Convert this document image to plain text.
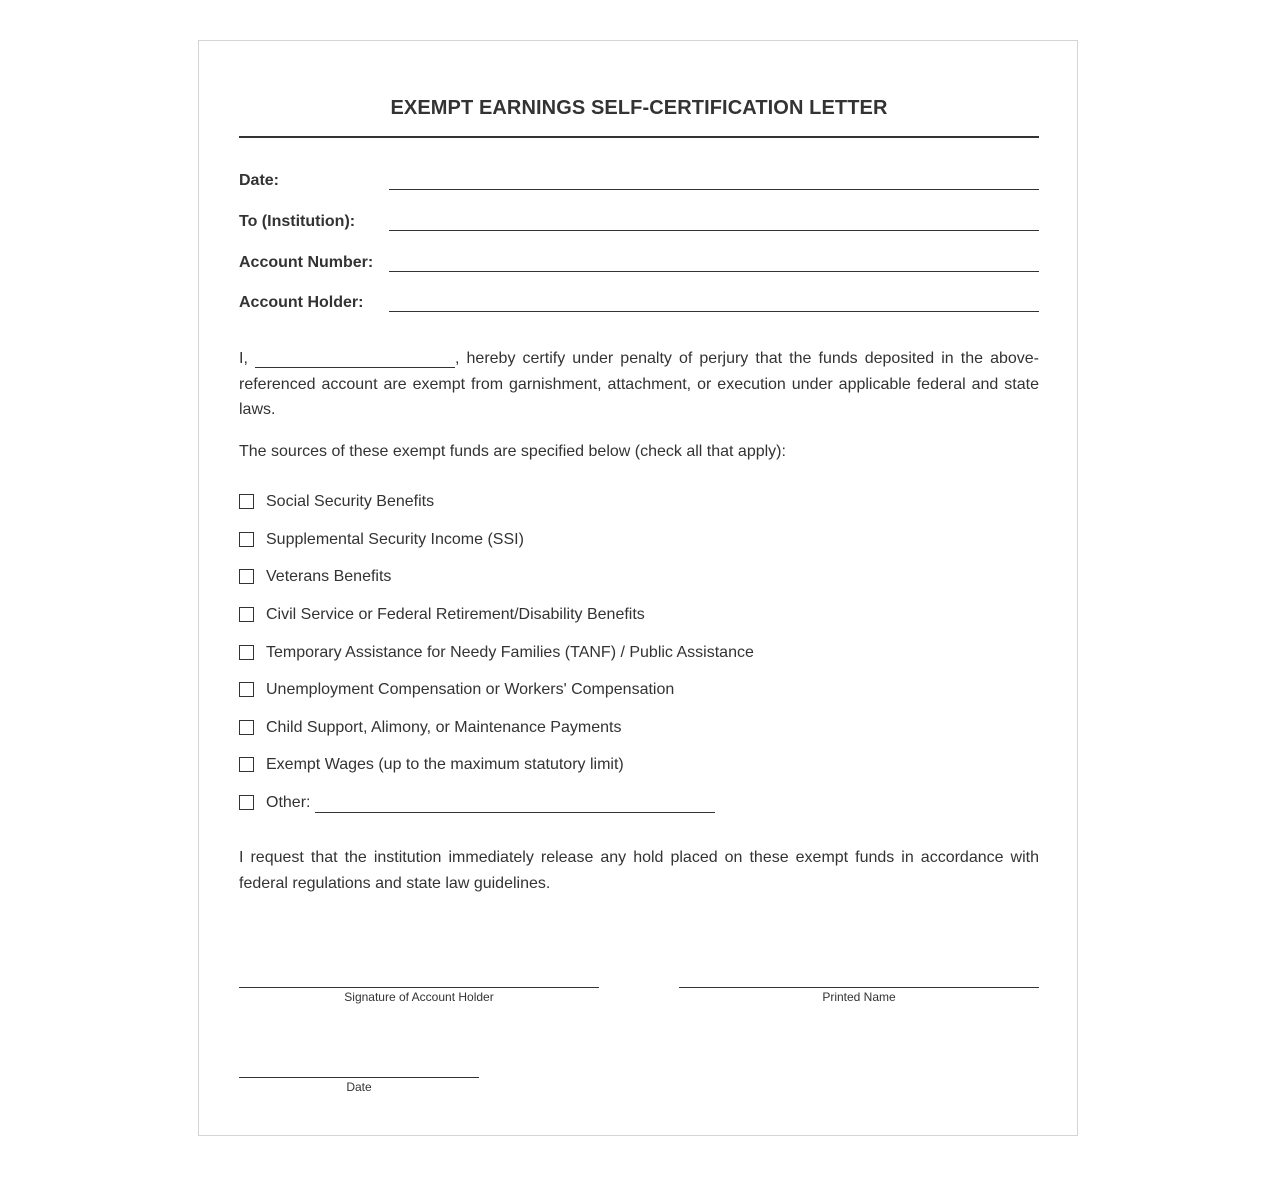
EXEMPT EARNINGS SELF-CERTIFICATION LETTER
Date:
To (Institution):
Account Number:
Account Holder:
I,	, hereby certify under penalty of perjury that the funds deposited in the above-referenced account are exempt from garnishment, attachment, or execution under applicable federal and state laws.
The sources of these exempt funds are specified below (check all that apply):
Social Security Benefits
Supplemental Security Income (SSI)
Veterans Benefits
Civil Service or Federal Retirement/Disability Benefits
Temporary Assistance for Needy Families (TANF) / Public Assistance
Unemployment Compensation or Workers' Compensation
Child Support, Alimony, or Maintenance Payments
Exempt Wages (up to the maximum statutory limit)
Other:
I request that the institution immediately release any hold placed on these exempt funds in accordance with federal regulations and state law guidelines.
Signature of Account Holder	Printed Name
Date
